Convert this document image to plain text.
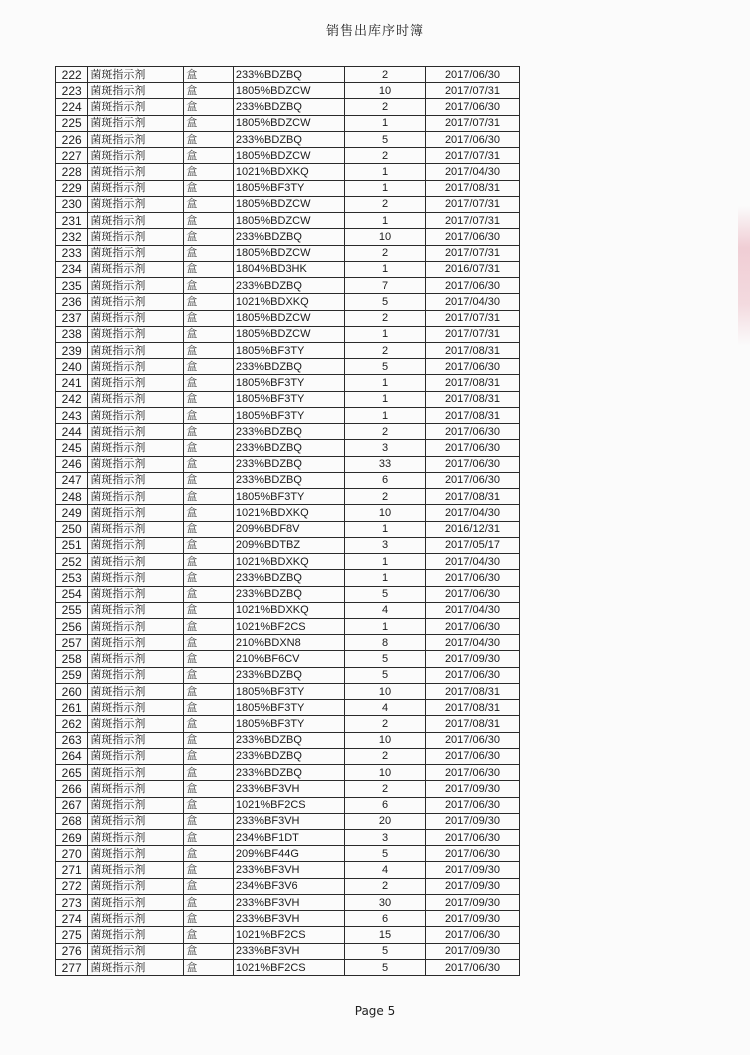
销售出库序时簿
222	菌斑指示剂	盒	233%BDZBQ	2	2017/06/30
223	菌斑指示剂	盒	1805%BDZCW	10	2017/07/31
224	菌斑指示剂	盒	233%BDZBQ	2	2017/06/30
225	菌斑指示剂	盒	1805%BDZCW	1	2017/07/31
226	菌斑指示剂	盒	233%BDZBQ	5	2017/06/30
227	菌斑指示剂	盒	1805%BDZCW	2	2017/07/31
228	菌斑指示剂	盒	1021%BDXKQ	1	2017/04/30
229	菌斑指示剂	盒	1805%BF3TY	1	2017/08/31
230	菌斑指示剂	盒	1805%BDZCW	2	2017/07/31
231	菌斑指示剂	盒	1805%BDZCW	1	2017/07/31
232	菌斑指示剂	盒	233%BDZBQ	10	2017/06/30
233	菌斑指示剂	盒	1805%BDZCW	2	2017/07/31
234	菌斑指示剂	盒	1804%BD3HK	1	2016/07/31
235	菌斑指示剂	盒	233%BDZBQ	7	2017/06/30
236	菌斑指示剂	盒	1021%BDXKQ	5	2017/04/30
237	菌斑指示剂	盒	1805%BDZCW	2	2017/07/31
238	菌斑指示剂	盒	1805%BDZCW	1	2017/07/31
239	菌斑指示剂	盒	1805%BF3TY	2	2017/08/31
240	菌斑指示剂	盒	233%BDZBQ	5	2017/06/30
241	菌斑指示剂	盒	1805%BF3TY	1	2017/08/31
242	菌斑指示剂	盒	1805%BF3TY	1	2017/08/31
243	菌斑指示剂	盒	1805%BF3TY	1	2017/08/31
244	菌斑指示剂	盒	233%BDZBQ	2	2017/06/30
245	菌斑指示剂	盒	233%BDZBQ	3	2017/06/30
246	菌斑指示剂	盒	233%BDZBQ	33	2017/06/30
247	菌斑指示剂	盒	233%BDZBQ	6	2017/06/30
248	菌斑指示剂	盒	1805%BF3TY	2	2017/08/31
249	菌斑指示剂	盒	1021%BDXKQ	10	2017/04/30
250	菌斑指示剂	盒	209%BDF8V	1	2016/12/31
251	菌斑指示剂	盒	209%BDTBZ	3	2017/05/17
252	菌斑指示剂	盒	1021%BDXKQ	1	2017/04/30
253	菌斑指示剂	盒	233%BDZBQ	1	2017/06/30
254	菌斑指示剂	盒	233%BDZBQ	5	2017/06/30
255	菌斑指示剂	盒	1021%BDXKQ	4	2017/04/30
256	菌斑指示剂	盒	1021%BF2CS	1	2017/06/30
257	菌斑指示剂	盒	210%BDXN8	8	2017/04/30
258	菌斑指示剂	盒	210%BF6CV	5	2017/09/30
259	菌斑指示剂	盒	233%BDZBQ	5	2017/06/30
260	菌斑指示剂	盒	1805%BF3TY	10	2017/08/31
261	菌斑指示剂	盒	1805%BF3TY	4	2017/08/31
262	菌斑指示剂	盒	1805%BF3TY	2	2017/08/31
263	菌斑指示剂	盒	233%BDZBQ	10	2017/06/30
264	菌斑指示剂	盒	233%BDZBQ	2	2017/06/30
265	菌斑指示剂	盒	233%BDZBQ	10	2017/06/30
266	菌斑指示剂	盒	233%BF3VH	2	2017/09/30
267	菌斑指示剂	盒	1021%BF2CS	6	2017/06/30
268	菌斑指示剂	盒	233%BF3VH	20	2017/09/30
269	菌斑指示剂	盒	234%BF1DT	3	2017/06/30
270	菌斑指示剂	盒	209%BF44G	5	2017/06/30
271	菌斑指示剂	盒	233%BF3VH	4	2017/09/30
272	菌斑指示剂	盒	234%BF3V6	2	2017/09/30
273	菌斑指示剂	盒	233%BF3VH	30	2017/09/30
274	菌斑指示剂	盒	233%BF3VH	6	2017/09/30
275	菌斑指示剂	盒	1021%BF2CS	15	2017/06/30
276	菌斑指示剂	盒	233%BF3VH	5	2017/09/30
277	菌斑指示剂	盒	1021%BF2CS	5	2017/06/30
Page 5
